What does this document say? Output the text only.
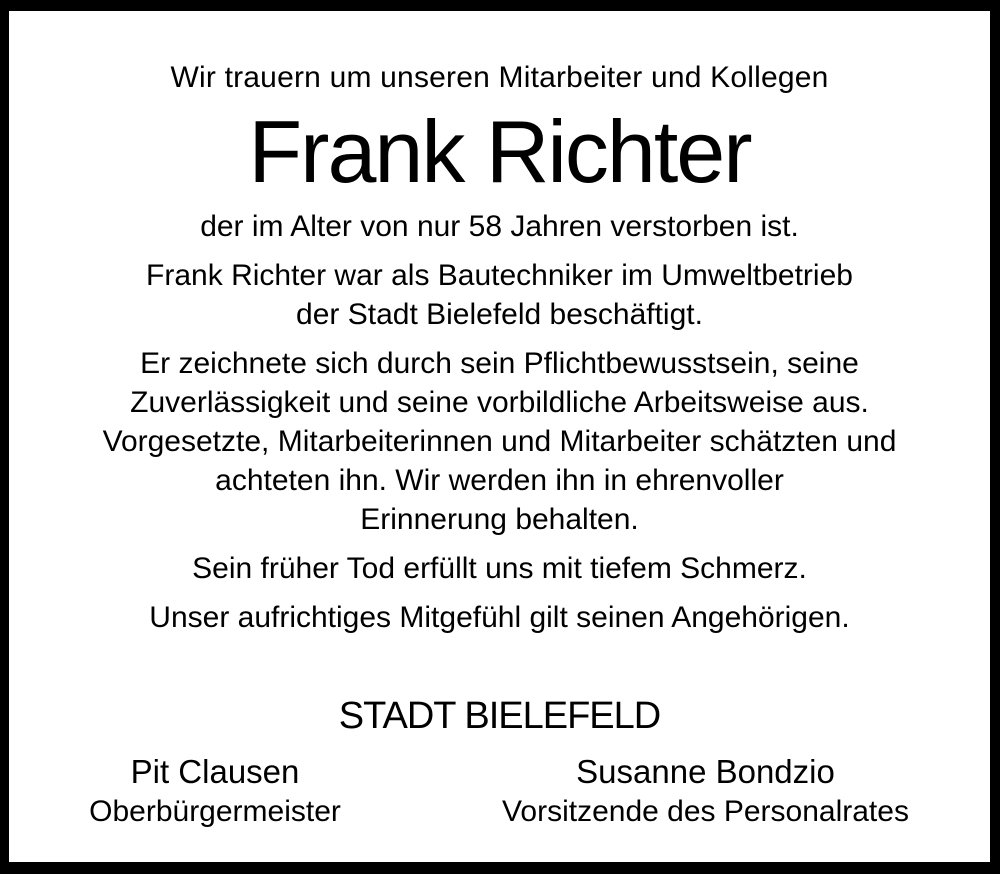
Wir trauern um unseren Mitarbeiter und Kollegen
Frank Richter
der im Alter von nur 58 Jahren verstorben ist.
Frank Richter war als Bautechniker im Umweltbetrieb
der Stadt Bielefeld beschäftigt.
Er zeichnete sich durch sein Pflichtbewusstsein, seine
Zuverlässigkeit und seine vorbildliche Arbeitsweise aus.
Vorgesetzte, Mitarbeiterinnen und Mitarbeiter schätzten und
achteten ihn. Wir werden ihn in ehrenvoller
Erinnerung behalten.
Sein früher Tod erfüllt uns mit tiefem Schmerz.
Unser aufrichtiges Mitgefühl gilt seinen Angehörigen.
STADT BIELEFELD
Pit Clausen
Oberbürgermeister
Susanne Bondzio
Vorsitzende des Personalrates
